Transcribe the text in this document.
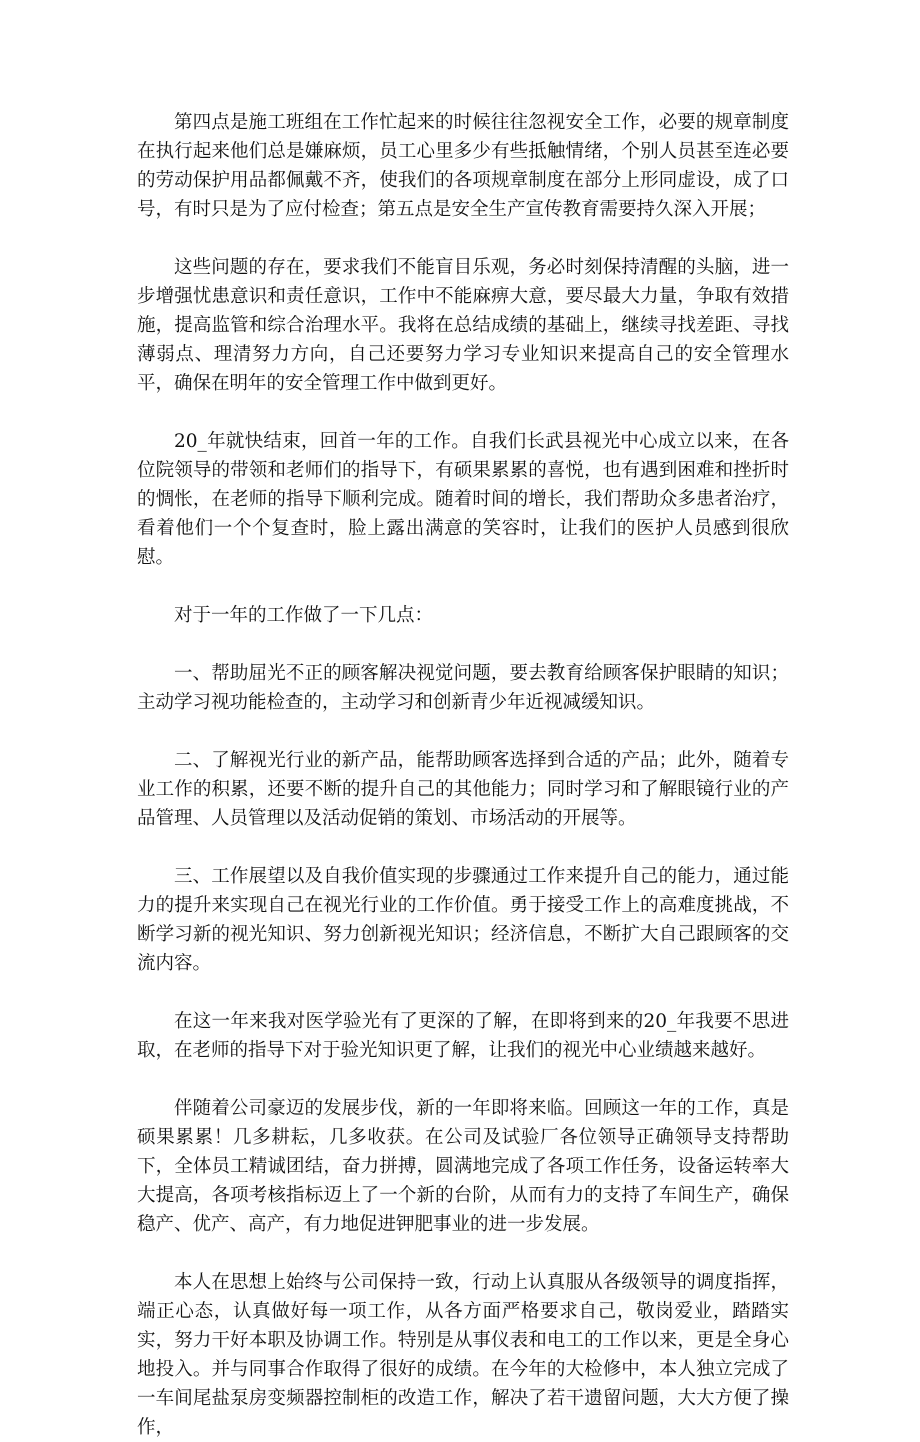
第四点是施工班组在工作忙起来的时候往往忽视安全工作，必要的规章制度在执行起来他们总是嫌麻烦，员工心里多少有些抵触情绪，个别人员甚至连必要的劳动保护用品都佩戴不齐，使我们的各项规章制度在部分上形同虚设，成了口号，有时只是为了应付检查；第五点是安全生产宣传教育需要持久深入开展；

这些问题的存在，要求我们不能盲目乐观，务必时刻保持清醒的头脑，进一步增强忧患意识和责任意识，工作中不能麻痹大意，要尽最大力量，争取有效措施，提高监管和综合治理水平。我将在总结成绩的基础上，继续寻找差距、寻找薄弱点、理清努力方向，自己还要努力学习专业知识来提高自己的安全管理水平，确保在明年的安全管理工作中做到更好。

20_年就快结束，回首一年的工作。自我们长武县视光中心成立以来，在各位院领导的带领和老师们的指导下，有硕果累累的喜悦，也有遇到困难和挫折时的惆怅，在老师的指导下顺利完成。随着时间的增长，我们帮助众多患者治疗，看着他们一个个复查时，脸上露出满意的笑容时，让我们的医护人员感到很欣慰。

对于一年的工作做了一下几点：

一、帮助屈光不正的顾客解决视觉问题，要去教育给顾客保护眼睛的知识；主动学习视功能检查的，主动学习和创新青少年近视减缓知识。

二、了解视光行业的新产品，能帮助顾客选择到合适的产品；此外，随着专业工作的积累，还要不断的提升自己的其他能力；同时学习和了解眼镜行业的产品管理、人员管理以及活动促销的策划、市场活动的开展等。

三、工作展望以及自我价值实现的步骤通过工作来提升自己的能力，通过能力的提升来实现自己在视光行业的工作价值。勇于接受工作上的高难度挑战，不断学习新的视光知识、努力创新视光知识；经济信息，不断扩大自己跟顾客的交流内容。

在这一年来我对医学验光有了更深的了解，在即将到来的20_年我要不思进取，在老师的指导下对于验光知识更了解，让我们的视光中心业绩越来越好。

伴随着公司豪迈的发展步伐，新的一年即将来临。回顾这一年的工作，真是硕果累累！几多耕耘，几多收获。在公司及试验厂各位领导正确领导支持帮助下，全体员工精诚团结，奋力拼搏，圆满地完成了各项工作任务，设备运转率大大提高，各项考核指标迈上了一个新的台阶，从而有力的支持了车间生产，确保稳产、优产、高产，有力地促进钾肥事业的进一步发展。

本人在思想上始终与公司保持一致，行动上认真服从各级领导的调度指挥，端正心态，认真做好每一项工作，从各方面严格要求自己，敬岗爱业，踏踏实实，努力干好本职及协调工作。特别是从事仪表和电工的工作以来，更是全身心地投入。并与同事合作取得了很好的成绩。在今年的大检修中，本人独立完成了一车间尾盐泵房变频器控制柜的改造工作，解决了若干遗留问题，大大方便了操作，
